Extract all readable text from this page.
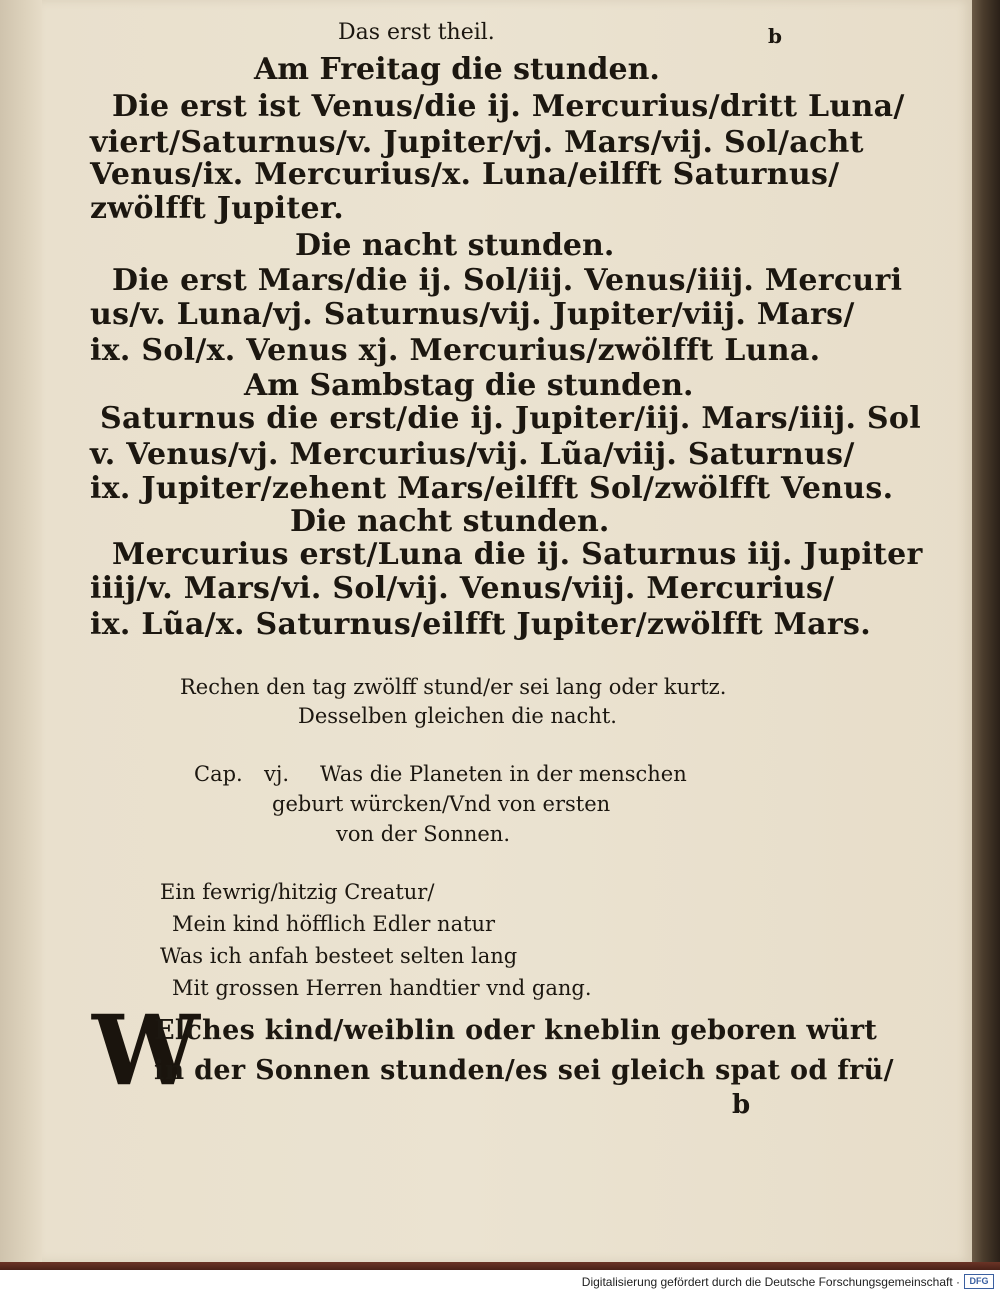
Das erst theil.	b
Am Freitag die stunden.
Die erst ist Venus/die ij. Mercurius/dritt Luna/
viert/Saturnus/v. Jupiter/vj. Mars/vij. Sol/acht
Venus/ix. Mercurius/x. Luna/eilfft Saturnus/
zwölfft Jupiter.
Die nacht stunden.
Die erst Mars/die ij. Sol/iij. Venus/iiij. Mercuri
us/v. Luna/vj. Saturnus/vij. Jupiter/viij. Mars/
ix. Sol/x. Venus xj. Mercurius/zwölfft Luna.
Am Sambstag die stunden.
Saturnus die erst/die ij. Jupiter/iij. Mars/iiij. Sol
v. Venus/vj. Mercurius/vij. Lũa/viij. Saturnus/
ix. Jupiter/zehent Mars/eilfft Sol/zwölfft Venus.
Die nacht stunden.
Mercurius erst/Luna die ij. Saturnus iij. Jupiter
iiij/v. Mars/vi. Sol/vij. Venus/viij. Mercurius/
ix. Lũa/x. Saturnus/eilfft Jupiter/zwölfft Mars.
Rechen den tag zwölff stund/er sei lang oder kurtz.
Desselben gleichen die nacht.
Cap.	vj.	Was die Planeten in der menschen
geburt würcken/Vnd von ersten
von der Sonnen.
Ein fewrig/hitzig Creatur/
Mein kind höfflich Edler natur
Was ich anfah besteet selten lang
Mit grossen Herren handtier vnd gang.
W
Elches kind/weiblin oder kneblin geboren würt
in der Sonnen stunden/es sei gleich spat od frü/
b
Digitalisierung gefördert durch die Deutsche Forschungsgemeinschaft ·	DFG
